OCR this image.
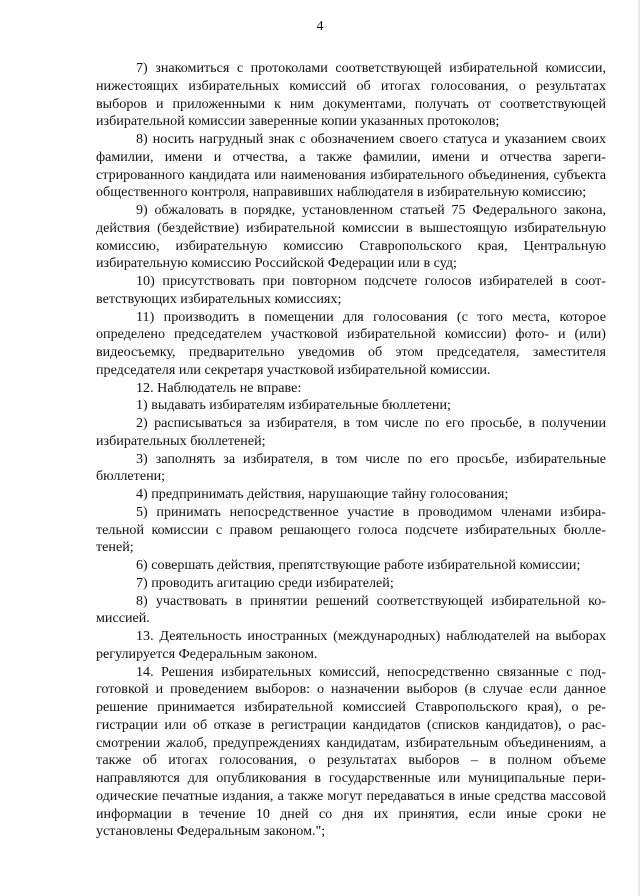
4

7) знакомиться с протоколами соответствующей избирательной комиссии, нижестоящих избирательных комиссий об итогах голосования, о результатах выборов и приложенными к ним документами, получать от соответствующей избирательной комиссии заверенные копии указанных протоколов;

8) носить нагрудный знак с обозначением своего статуса и указанием своих фамилии, имени и отчества, а также фамилии, имени и отчества зарегистрированного кандидата или наименования избирательного объединения, субъекта общественного контроля, направивших наблюдателя в избирательную комиссию;

9) обжаловать в порядке, установленном статьей 75 Федерального закона, действия (бездействие) избирательной комиссии в вышестоящую избирательную комиссию, избирательную комиссию Ставропольского края, Центральную избирательную комиссию Российской Федерации или в суд;

10) присутствовать при повторном подсчете голосов избирателей в соответствующих избирательных комиссиях;

11) производить в помещении для голосования (с того места, которое определено председателем участковой избирательной комиссии) фото- и (или) видеосъемку, предварительно уведомив об этом председателя, заместителя председателя или секретаря участковой избирательной комиссии.

12. Наблюдатель не вправе:

1) выдавать избирателям избирательные бюллетени;

2) расписываться за избирателя, в том числе по его просьбе, в получении избирательных бюллетеней;

3) заполнять за избирателя, в том числе по его просьбе, избирательные бюллетени;

4) предпринимать действия, нарушающие тайну голосования;

5) принимать непосредственное участие в проводимом членами избирательной комиссии с правом решающего голоса подсчете избирательных бюллетеней;

6) совершать действия, препятствующие работе избирательной комиссии;

7) проводить агитацию среди избирателей;

8) участвовать в принятии решений соответствующей избирательной комиссией.

13. Деятельность иностранных (международных) наблюдателей на выборах регулируется Федеральным законом.

14. Решения избирательных комиссий, непосредственно связанные с подготовкой и проведением выборов: о назначении выборов (в случае если данное решение принимается избирательной комиссией Ставропольского края), о регистрации или об отказе в регистрации кандидатов (списков кандидатов), о рассмотрении жалоб, предупреждениях кандидатам, избирательным объединениям, а также об итогах голосования, о результатах выборов – в полном объеме направляются для опубликования в государственные или муниципальные периодические печатные издания, а также могут передаваться в иные средства массовой информации в течение 10 дней со дня их принятия, если иные сроки не установлены Федеральным законом.";
